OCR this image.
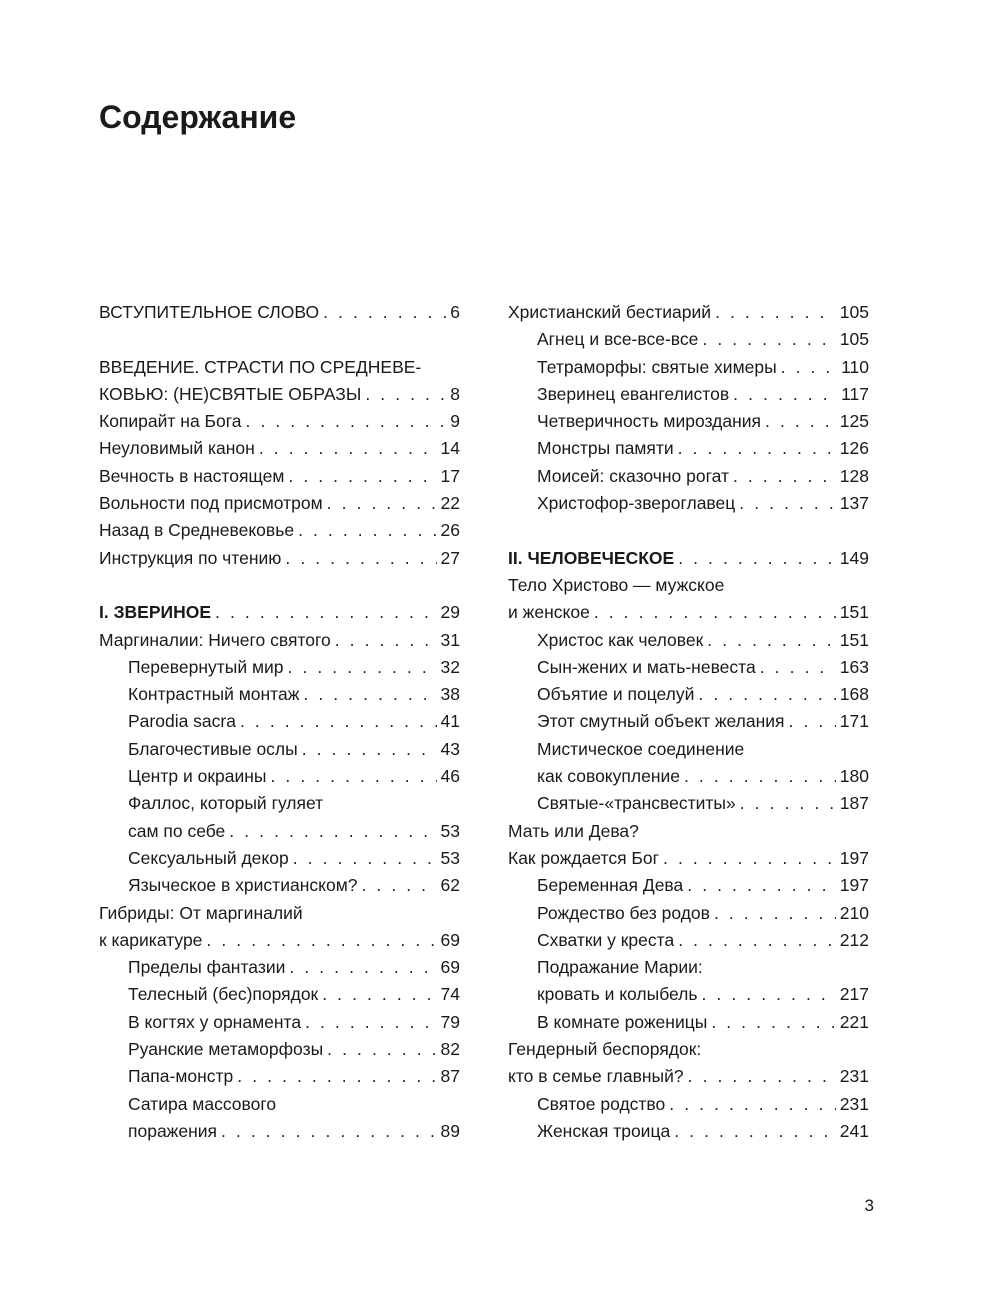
Содержание
ВСТУПИТЕЛЬНОЕ СЛОВО . . .	6
ВВЕДЕНИЕ. СТРАСТИ ПО СРЕДНЕВЕ-
КОВЬЮ: (НЕ)СВЯТЫЕ ОБРАЗЫ . . .	8
Копирайт на Бога . . .	9
Неуловимый канон . . .	14
Вечность в настоящем . . .	17
Вольности под присмотром . . .	22
Назад в Средневековье . . .	26
Инструкция по чтению . . .	27
I. ЗВЕРИНОЕ . . .	29
Маргиналии: Ничего святого . . .	31
Перевернутый мир . . .	32
Контрастный монтаж . . .	38
Parodia sacra . . .	41
Благочестивые ослы . . .	43
Центр и окраины . . .	46
Фаллос, который гуляет
сам по себе . . .	53
Сексуальный декор . . .	53
Языческое в христианском? . . .	62
Гибриды: От маргиналий
к карикатуре . . .	69
Пределы фантазии . . .	69
Телесный (бес)порядок . . .	74
В когтях у орнамента . . .	79
Руанские метаморфозы . . .	82
Папа-монстр . . .	87
Сатира массового
поражения . . .	89
Христианский бестиарий . . .	105
Агнец и все-все-все . . .	105
Тетраморфы: святые химеры . . .	110
Зверинец евангелистов . . .	117
Четверичность мироздания . . .	125
Монстры памяти . . .	126
Моисей: сказочно рогат . . .	128
Христофор-звероглавец . . .	137
II. ЧЕЛОВЕЧЕСКОЕ . . .	149
Тело Христово — мужское
и женское . . .	151
Христос как человек . . .	151
Сын-жених и мать-невеста . . .	163
Объятие и поцелуй . . .	168
Этот смутный объект желания . . .	171
Мистическое соединение
как совокупление . . .	180
Святые-«трансвеститы» . . .	187
Мать или Дева?
Как рождается Бог . . .	197
Беременная Дева . . .	197
Рождество без родов . . .	210
Схватки у креста . . .	212
Подражание Марии:
кровать и колыбель . . .	217
В комнате роженицы . . .	221
Гендерный беспорядок:
кто в семье главный? . . .	231
Святое родство . . .	231
Женская троица . . .	241
3
